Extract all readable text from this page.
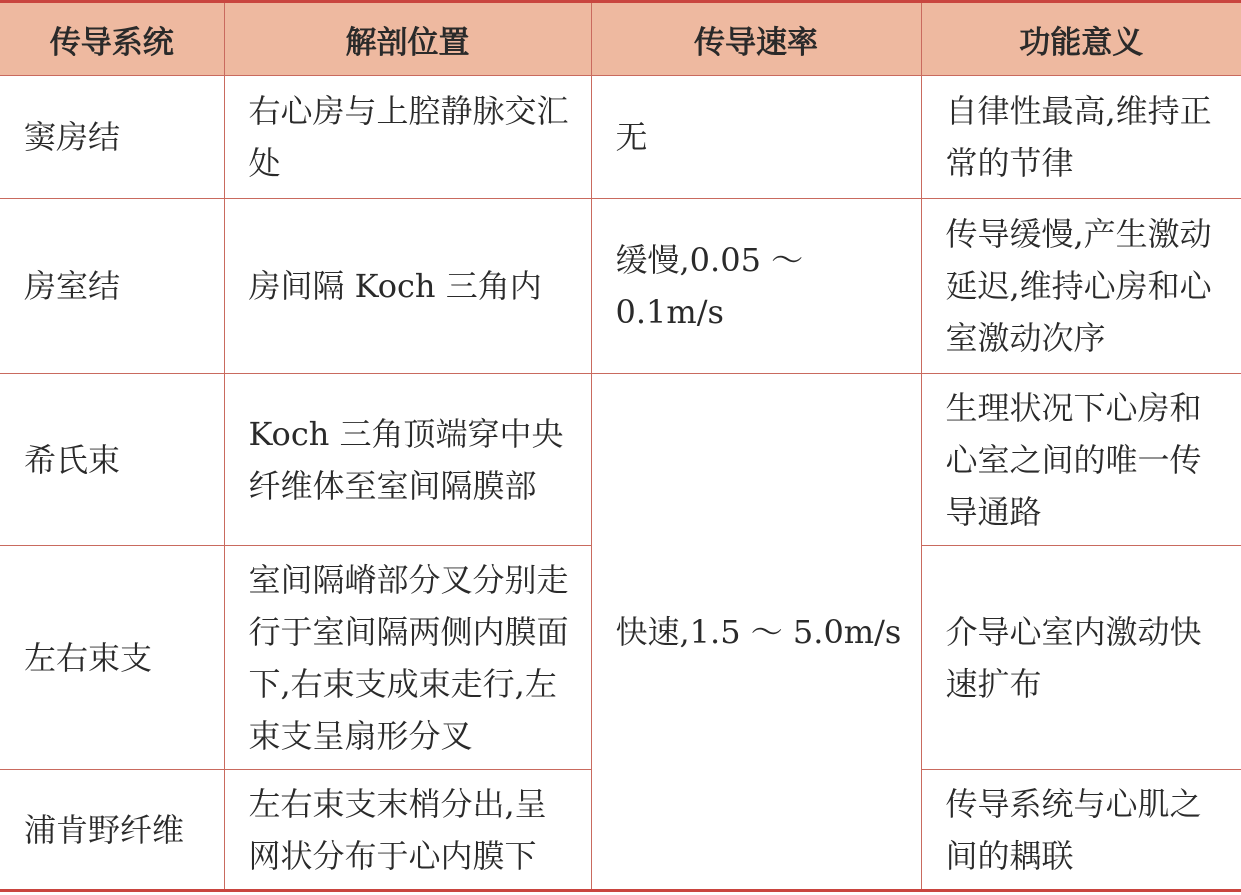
传导系统	解剖位置	传导速率	功能意义
窦房结	右心房与上腔静脉交汇处	无	自律性最高,维持正常的节律
房室结	房间隔 Koch 三角内	缓慢,0.05 ～ 0.1m/s	传导缓慢,产生激动延迟,维持心房和心室激动次序
希氏束	Koch 三角顶端穿中央纤维体至室间隔膜部	快速,1.5 ～ 5.0m/s	生理状况下心房和心室之间的唯一传导通路
左右束支	室间隔嵴部分叉分别走行于室间隔两侧内膜面下,右束支成束走行,左束支呈扇形分叉		介导心室内激动快速扩布
浦肯野纤维	左右束支末梢分出,呈网状分布于心内膜下		传导系统与心肌之间的耦联
